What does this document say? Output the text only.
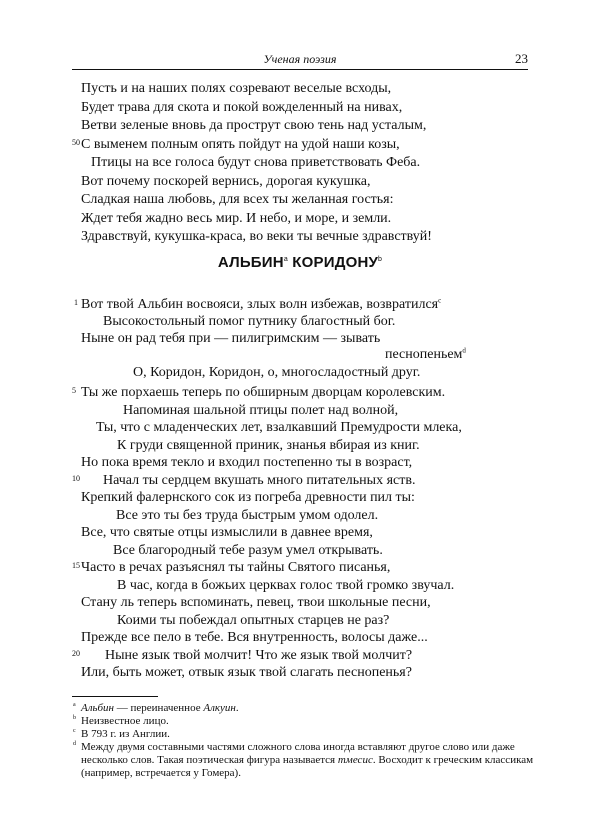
Ученая поэзия	23
Пусть и на наших полях созревают веселые всходы,
Будет трава для скота и покой вожделенный на нивах,
Ветви зеленые вновь да прострут свою тень над усталым,
50 С выменем полным опять пойдут на удой наши козы,
Птицы на все голоса будут снова приветствовать Феба.
Вот почему поскорей вернись, дорогая кукушка,
Сладкая наша любовь, для всех ты желанная гостья:
Ждет тебя жадно весь мир. И небо, и море, и земли.
АЛЬБИН$^a$ КОРИДОНУ$^b$
1 Вот твой Альбин восвояси, злых волн избежав, возвратился$^c$
Высокостольный помог путнику благостный бог.
Ныне он рад тебя при — пилигримским — зывать
песнопеньем$^d$
О, Коридон, Коридон, о, многосладостный друг.
5 Ты же порхаешь теперь по обширным дворцам королевским.
Напоминая шальной птицы полет над волной,
Ты, что с младенческих лет, взалкавший Премудрости млека,
К груди священной приник, знанья вбирая из книг.
Но пока время текло и входил постепенно ты в возраст,
10 Начал ты сердцем вкушать много питательных яств.
Крепкий фалернского сок из погреба древности пил ты:
Все это ты без труда быстрым умом одолел.
Все, что святые отцы измыслили в давнее время,
Все благородный тебе разум умел открывать.
15 Часто в речах разъяснял ты тайны Святого писанья,
В час, когда в божьих церквах голос твой громко звучал.
Стану ль теперь вспоминать, певец, твои школьные песни,
Коими ты побеждал опытных старцев не раз?
a Альбин — переиначенное Алкуин.
b Неизвестное лицо.
c В 793 г. из Англии.
d Между двумя составными частями сложного слова иногда вставляют другое слово или даже несколько слов. Такая поэтическая фигура называется тмесис. Восходит к греческим классикам (например, встречается у Гомера).
Здравствуй, кукушка-краса, во веки ты вечные здравствуй!
Прежде все пело в тебе. Вся внутренность, волосы даже...
20 Ныне язык твой молчит! Что же язык твой молчит?
Или, быть может, отвык язык твой слагать песнопенья?
